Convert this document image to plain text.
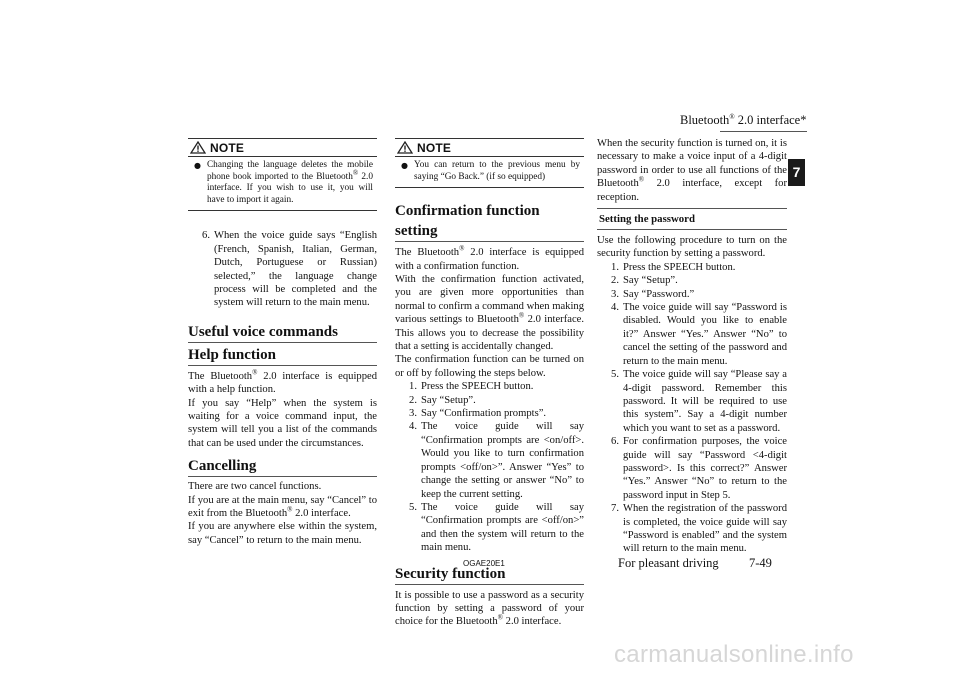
Bluetooth® 2.0 interface*
7
NOTE
● Changing the language deletes the mobile phone book imported to the Bluetooth® 2.0 interface. If you wish to use it, you will have to import it again.
6. When the voice guide says “English (French, Spanish, Italian, German, Dutch, Portuguese or Russian) selected,” the language change process will be completed and the system will return to the main menu.
Useful voice commands
Help function

The Bluetooth® 2.0 interface is equipped with a help function.

If you say “Help” when the system is waiting for a voice command input, the system will tell you a list of the commands that can be used under the circumstances.

Cancelling

There are two cancel functions.

If you are at the main menu, say “Cancel” to exit from the Bluetooth® 2.0 interface.

If you are anywhere else within the system, say “Cancel” to return to the main menu.

NOTE
● You can return to the previous menu by saying “Go Back.” (if so equipped)
Confirmation function setting

The Bluetooth® 2.0 interface is equipped with a confirmation function.

With the confirmation function activated, you are given more opportunities than normal to confirm a command when making various settings to Bluetooth® 2.0 interface. This allows you to decrease the possibility that a setting is accidentally changed.

The confirmation function can be turned on or off by following the steps below.

1. Press the SPEECH button.
2. Say “Setup”.
3. Say “Confirmation prompts”.
4. The voice guide will say “Confirmation prompts are <on/off>. Would you like to turn confirmation prompts <off/on>”. Answer “Yes” to change the setting or answer “No” to keep the current setting.
5. The voice guide will say “Confirmation prompts are <off/on>” and then the system will return to the main menu.
Security function

It is possible to use a password as a security function by setting a password of your choice for the Bluetooth® 2.0 interface.

When the security function is turned on, it is necessary to make a voice input of a 4-digit password in order to use all functions of the Bluetooth® 2.0 interface, except for reception.

Setting the password

Use the following procedure to turn on the security function by setting a password.

1. Press the SPEECH button.
2. Say “Setup”.
3. Say “Password.”
4. The voice guide will say “Password is disabled. Would you like to enable it?” Answer “Yes.” Answer “No” to cancel the setting of the password and return to the main menu.
5. The voice guide will say “Please say a 4-digit password. Remember this password. It will be required to use this system”. Say a 4-digit number which you want to set as a password.
6. For confirmation purposes, the voice guide will say “Password <4-digit password>. Is this correct?” Answer “Yes.” Answer “No” to return to the password input in Step 5.
7. When the registration of the password is completed, the voice guide will say “Password is enabled” and the system will return to the main menu.
OGAE20E1	For pleasant driving 7-49
carmanualsonline.info
